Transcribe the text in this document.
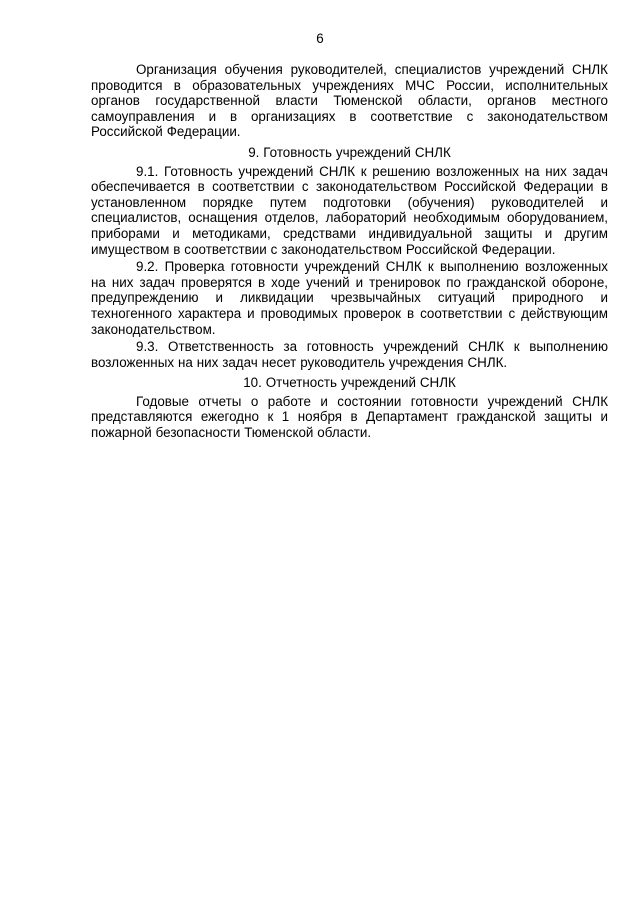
6

Организация обучения руководителей, специалистов учреждений СНЛК проводится в образовательных учреждениях МЧС России, исполнительных органов государственной власти Тюменской области, органов местного самоуправления и в организациях в соответствие с законодательством Российской Федерации.

9. Готовность учреждений СНЛК

9.1. Готовность учреждений СНЛК к решению возложенных на них задач обеспечивается в соответствии с законодательством Российской Федерации в установленном порядке путем подготовки (обучения) руководителей и специалистов, оснащения отделов, лабораторий необходимым оборудованием, приборами и методиками, средствами индивидуальной защиты и другим имуществом в соответствии с законодательством Российской Федерации.

9.2. Проверка готовности учреждений СНЛК к выполнению возложенных на них задач проверятся в ходе учений и тренировок по гражданской обороне, предупреждению и ликвидации чрезвычайных ситуаций природного и техногенного характера и проводимых проверок в соответствии с действующим законодательством.

9.3. Ответственность за готовность учреждений СНЛК к выполнению возложенных на них задач несет руководитель учреждения СНЛК.

10. Отчетность учреждений СНЛК

Годовые отчеты о работе и состоянии готовности учреждений СНЛК представляются ежегодно к 1 ноября в Департамент гражданской защиты и пожарной безопасности Тюменской области.
